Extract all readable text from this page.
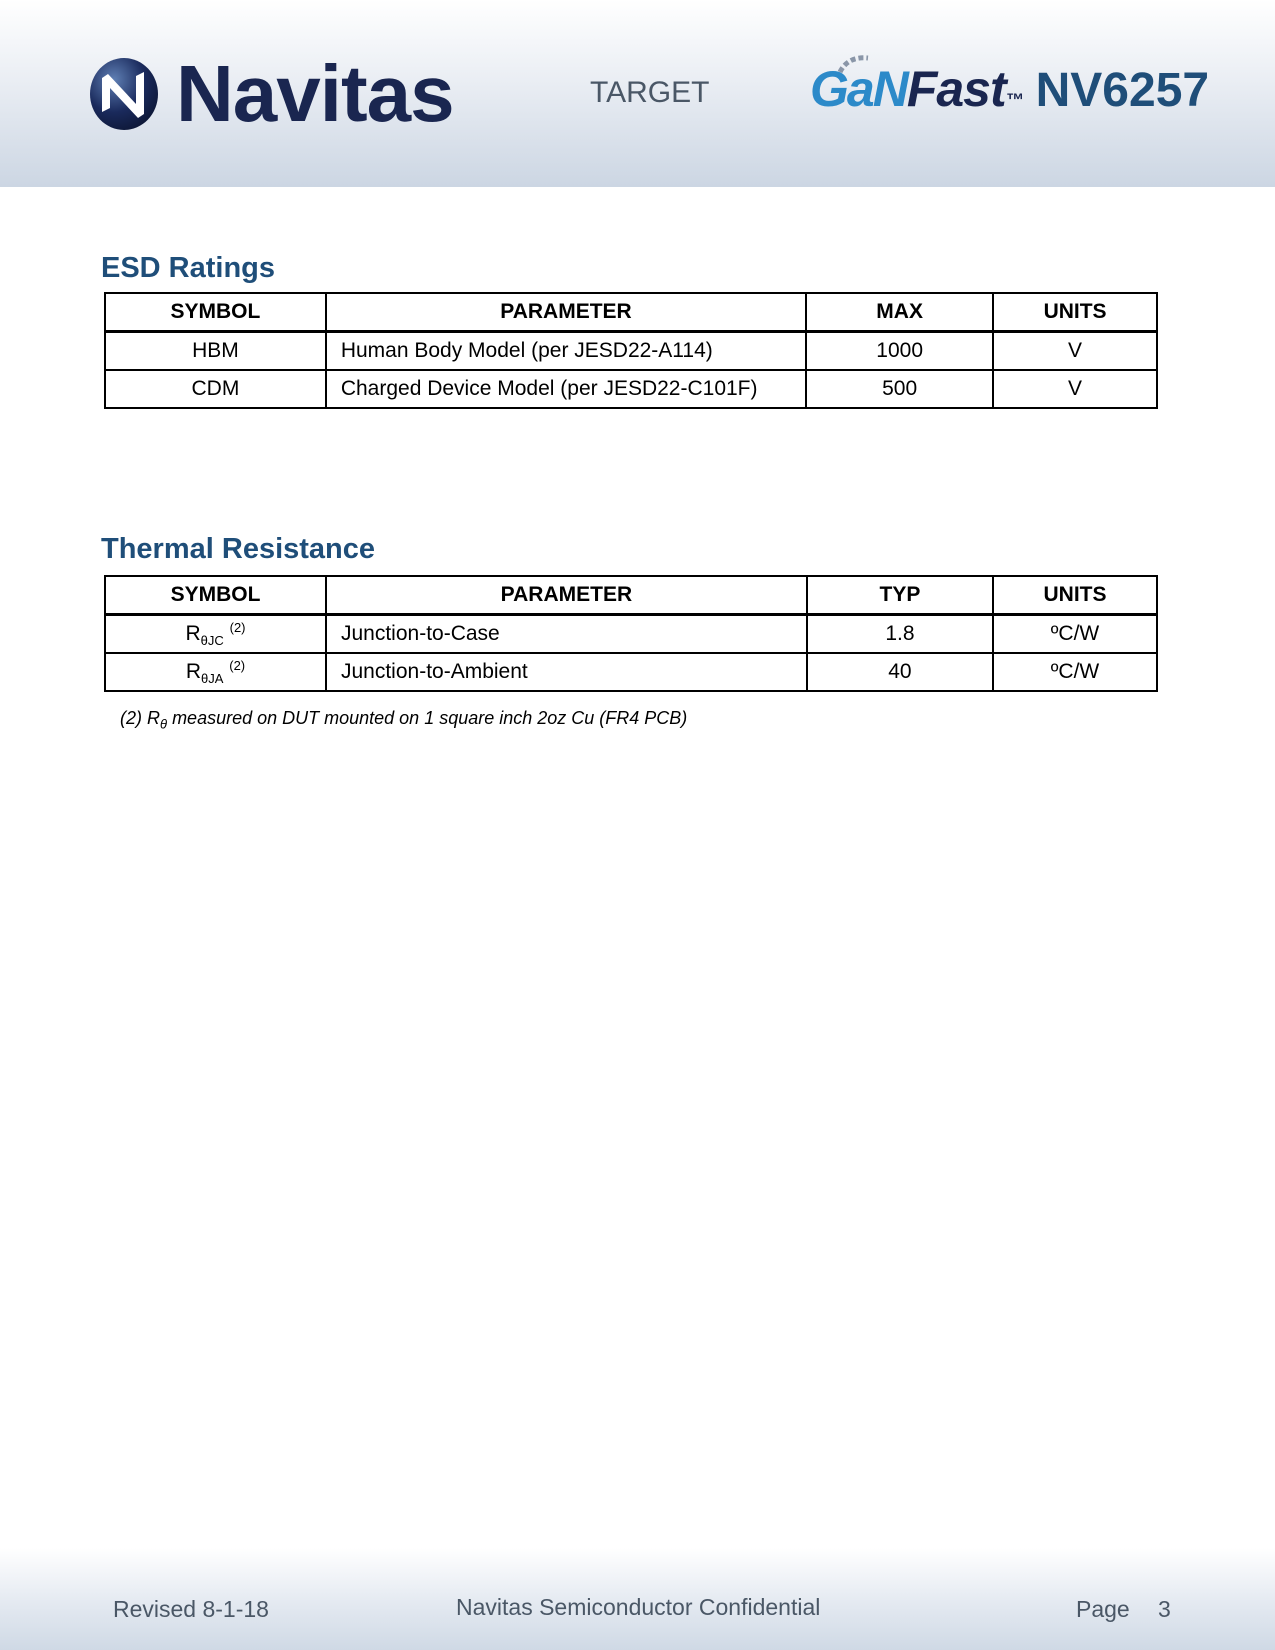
Navitas	TARGET GaN Fast ™ NV6257
ESD Ratings
SYMBOL	PARAMETER	MAX	UNITS
HBM	Human Body Model (per JESD22-A114)	1000	V
CDM	Charged Device Model (per JESD22-C101F)	500	V
Thermal Resistance
SYMBOL	PARAMETER	TYP	UNITS
$R_{\theta JC}$ $^{(2)}$	Junction-to-Case	1.8	ºC/W
$R_{\theta JA}$ $^{(2)}$	Junction-to-Ambient	40	ºC/W
(2) $R_\theta$ measured on DUT mounted on 1 square inch 2oz Cu (FR4 PCB)
Revised 8-1-18	Navitas Semiconductor Confidential	Page 3
